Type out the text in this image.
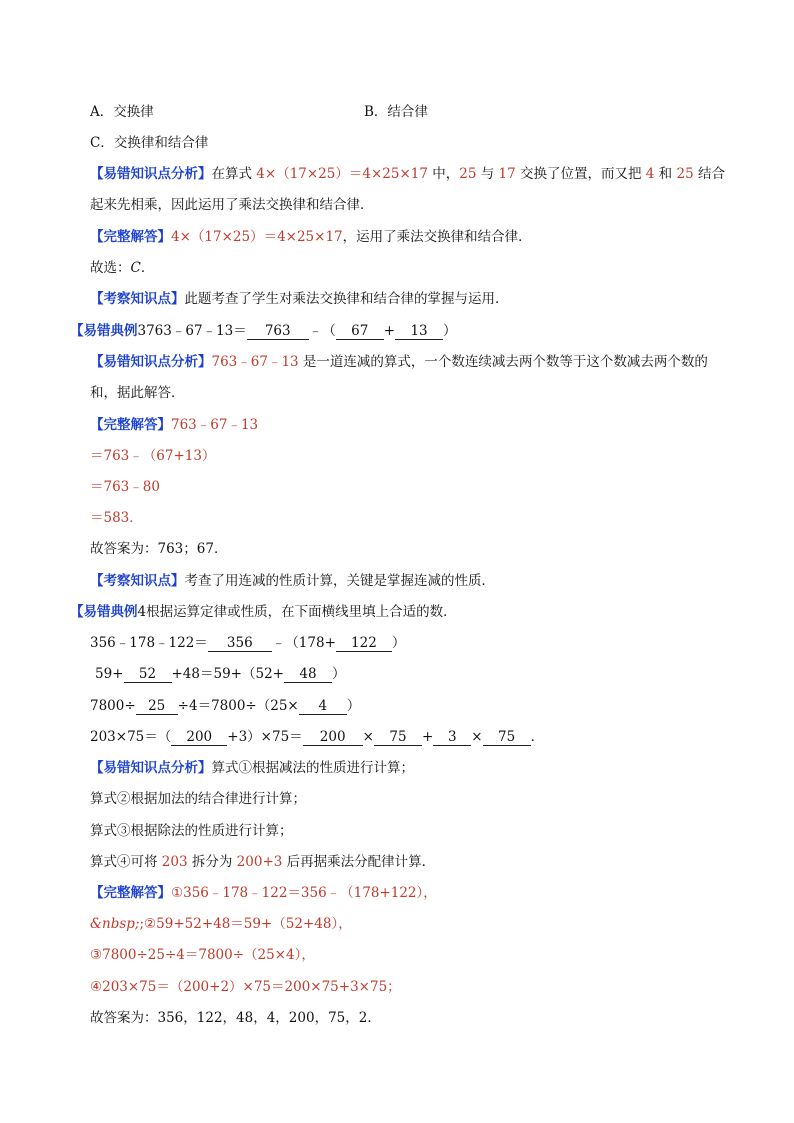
A．交换律	B．结合律
C．交换律和结合律
【易错知识点分析】在算式 4×（17×25）＝4×25×17 中，25 与 17 交换了位置，而又把 4 和 25 结合
起来先相乘，因此运用了乘法交换律和结合律．
【完整解答】4×（17×25）＝4×25×17，运用了乘法交换律和结合律．
故选：C．
【考察知识点】此题考查了学生对乘法交换律和结合律的掌握与运用．
【易错典例3763﹣67﹣13＝ 763 ﹣（ 67 + 13 ）
【易错知识点分析】763﹣67﹣13 是一道连减的算式，一个数连续减去两个数等于这个数减去两个数的
和，据此解答．
【完整解答】763﹣67﹣13
＝763﹣（67+13）
＝763﹣80
＝583．
故答案为：763；67．
【考察知识点】考查了用连减的性质计算，关键是掌握连减的性质．
【易错典例4根据运算定律或性质，在下面横线里填上合适的数．
356﹣178﹣122＝ 356 ﹣（178+ 122 ）
59+ 52 +48＝59+（52+ 48 ）
7800÷ 25 ÷4＝7800÷（25× 4 ）
203×75＝（ 200 +3）×75＝ 200 × 75 + 3 × 75 ．
【易错知识点分析】算式①根据减法的性质进行计算；
算式②根据加法的结合律进行计算；
算式③根据除法的性质进行计算；
算式④可将 203 拆分为 200+3 后再据乘法分配律计算．
【完整解答】①356﹣178﹣122＝356﹣（178+122），
&nbsp;;②59+52+48＝59+（52+48），
③7800÷25÷4＝7800÷（25×4），
④203×75＝（200+2）×75＝200×75+3×75；
故答案为：356，122，48，4，200，75，2．
